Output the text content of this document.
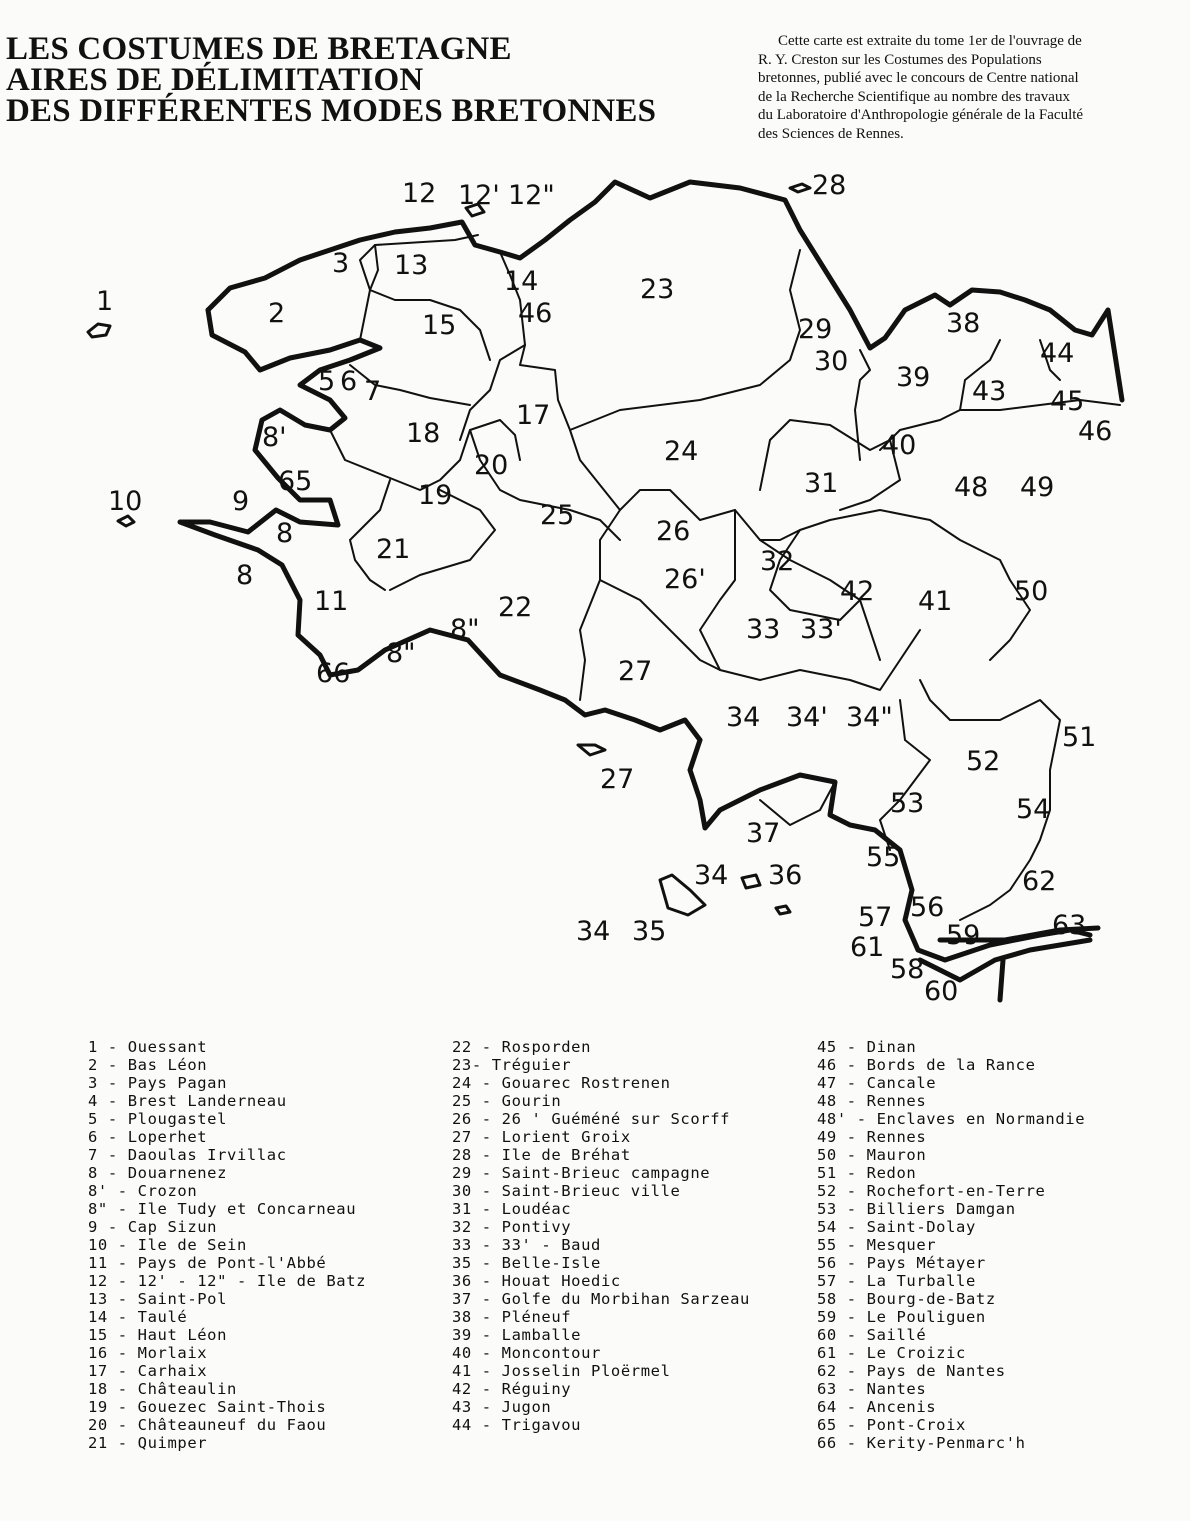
LES COSTUMES DE BRETAGNE
AIRES DE DÉLIMITATION
DES DIFFÉRENTES MODES BRETONNES
Cette carte est extraite du tome 1er de l'ouvrage de
R. Y. Creston sur les Costumes des Populations
bretonnes, publié avec le concours de Centre national
de la Recherche Scientifique au nombre des travaux
du Laboratoire d'Anthropologie générale de la Faculté
des Sciences de Rennes.
12 12' 12"	28
1	2
3 13
14
46
23
15	29
30
38
44
39 43 45
46
5 6 7
17
18
8'
20	24	40
31	48 49
65
10	9
8
19
25
26
21	32
26'	42 41 50
8
11	22
8"	33 33'
27
66
8"
34 34' 34"
51
52
27
53	54
37
55
34 36	62
57 56
34 35	63
59
61
58
60
1 - Ouessant
2 - Bas Léon
3 - Pays Pagan
4 - Brest Landerneau
5 - Plougastel
6 - Loperhet
7 - Daoulas Irvillac
8 - Douarnenez
8' - Crozon
8" - Ile Tudy et Concarneau
9 - Cap Sizun
10 - Ile de Sein
11 - Pays de Pont-l'Abbé
12 - 12' - 12" - Ile de Batz
13 - Saint-Pol
14 - Taulé
15 - Haut Léon
16 - Morlaix
17 - Carhaix
18 - Châteaulin
19 - Gouezec Saint-Thois
20 - Châteauneuf du Faou
21 - Quimper
22 - Rosporden
23- Tréguier
24 - Gouarec Rostrenen
25 - Gourin
26 - 26 ' Guéméné sur Scorff
27 - Lorient Groix
28 - Ile de Bréhat
29 - Saint-Brieuc campagne
30 - Saint-Brieuc ville
31 - Loudéac
32 - Pontivy
33 - 33' - Baud
35 - Belle-Isle
36 - Houat Hoedic
37 - Golfe du Morbihan Sarzeau
38 - Pléneuf
39 - Lamballe
40 - Moncontour
41 - Josselin Ploërmel
42 - Réguiny
43 - Jugon
44 - Trigavou
45 - Dinan
46 - Bords de la Rance
47 - Cancale
48 - Rennes
48' - Enclaves en Normandie
49 - Rennes
50 - Mauron
51 - Redon
52 - Rochefort-en-Terre
53 - Billiers Damgan
54 - Saint-Dolay
55 - Mesquer
56 - Pays Métayer
57 - La Turballe
58 - Bourg-de-Batz
59 - Le Pouliguen
60 - Saillé
61 - Le Croizic
62 - Pays de Nantes
63 - Nantes
64 - Ancenis
65 - Pont-Croix
66 - Kerity-Penmarc'h
